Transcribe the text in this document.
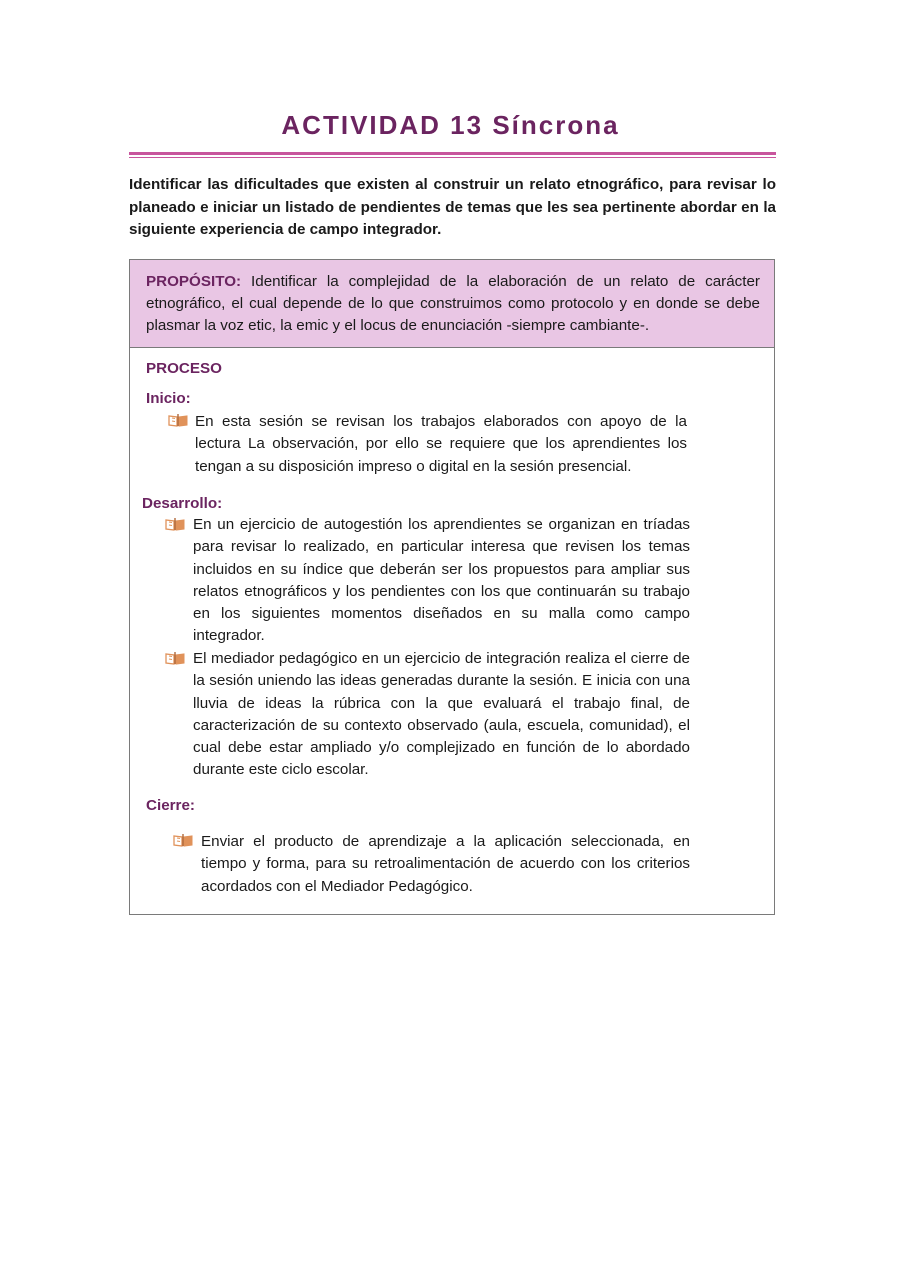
ACTIVIDAD 13 Síncrona
Identificar las dificultades que existen al construir un relato etnográfico, para revisar lo planeado e iniciar un listado de pendientes de temas que les sea pertinente abordar en la siguiente experiencia de campo integrador.
PROPÓSITO: Identificar la complejidad de la elaboración de un relato de carácter etnográfico, el cual depende de lo que construimos como protocolo y en donde se debe plasmar la voz etic, la emic y el locus de enunciación -siempre cambiante-.
PROCESO
Inicio:
En esta sesión se revisan los trabajos elaborados con apoyo de la lectura La observación, por ello se requiere que los aprendientes los tengan a su disposición impreso o digital en la sesión presencial.
Desarrollo:
En un ejercicio de autogestión los aprendientes se organizan en tríadas para revisar lo realizado, en particular interesa que revisen los temas incluidos en su índice que deberán ser los propuestos para ampliar sus relatos etnográficos y los pendientes con los que continuarán su trabajo en los siguientes momentos diseñados en su malla como campo integrador.
El mediador pedagógico en un ejercicio de integración realiza el cierre de la sesión uniendo las ideas generadas durante la sesión. E inicia con una lluvia de ideas la rúbrica con la que evaluará el trabajo final, de caracterización de su contexto observado (aula, escuela, comunidad), el cual debe estar ampliado y/o complejizado en función de lo abordado durante este ciclo escolar.
Cierre:
Enviar el producto de aprendizaje a la aplicación seleccionada, en tiempo y forma, para su retroalimentación de acuerdo con los criterios acordados con el Mediador Pedagógico.
